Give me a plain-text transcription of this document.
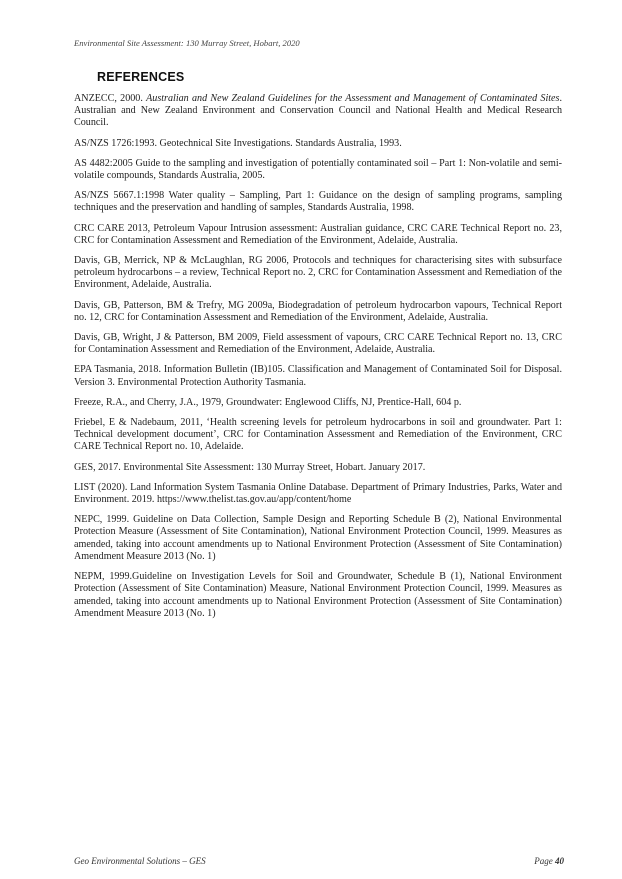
Environmental Site Assessment: 130 Murray Street, Hobart, 2020
REFERENCES

ANZECC, 2000. Australian and New Zealand Guidelines for the Assessment and Management of Contaminated Sites. Australian and New Zealand Environment and Conservation Council and National Health and Medical Research Council.

AS/NZS 1726:1993. Geotechnical Site Investigations. Standards Australia, 1993.

AS 4482:2005 Guide to the sampling and investigation of potentially contaminated soil – Part 1: Non-volatile and semi-volatile compounds, Standards Australia, 2005.

AS/NZS 5667.1:1998 Water quality – Sampling, Part 1: Guidance on the design of sampling programs, sampling techniques and the preservation and handling of samples, Standards Australia, 1998.

CRC CARE 2013, Petroleum Vapour Intrusion assessment: Australian guidance, CRC CARE Technical Report no. 23, CRC for Contamination Assessment and Remediation of the Environment, Adelaide, Australia.

Davis, GB, Merrick, NP & McLaughlan, RG 2006, Protocols and techniques for characterising sites with subsurface petroleum hydrocarbons – a review, Technical Report no. 2, CRC for Contamination Assessment and Remediation of the Environment, Adelaide, Australia.

Davis, GB, Patterson, BM & Trefry, MG 2009a, Biodegradation of petroleum hydrocarbon vapours, Technical Report no. 12, CRC for Contamination Assessment and Remediation of the Environment, Adelaide, Australia.

Davis, GB, Wright, J & Patterson, BM 2009, Field assessment of vapours, CRC CARE Technical Report no. 13, CRC for Contamination Assessment and Remediation of the Environment, Adelaide, Australia.

EPA Tasmania, 2018. Information Bulletin (IB)105. Classification and Management of Contaminated Soil for Disposal. Version 3. Environmental Protection Authority Tasmania.

Freeze, R.A., and Cherry, J.A., 1979, Groundwater: Englewood Cliffs, NJ, Prentice-Hall, 604 p.

Friebel, E & Nadebaum, 2011, ‘Health screening levels for petroleum hydrocarbons in soil and groundwater. Part 1: Technical development document’, CRC for Contamination Assessment and Remediation of the Environment, CRC CARE Technical Report no. 10, Adelaide.

GES, 2017. Environmental Site Assessment: 130 Murray Street, Hobart. January 2017.

LIST (2020). Land Information System Tasmania Online Database. Department of Primary Industries, Parks, Water and Environment. 2019. https://www.thelist.tas.gov.au/app/content/home

NEPC, 1999. Guideline on Data Collection, Sample Design and Reporting Schedule B (2), National Environmental Protection Measure (Assessment of Site Contamination), National Environment Protection Council, 1999. Measures as amended, taking into account amendments up to National Environment Protection (Assessment of Site Contamination) Amendment Measure 2013 (No. 1)

NEPM, 1999.Guideline on Investigation Levels for Soil and Groundwater, Schedule B (1), National Environment Protection (Assessment of Site Contamination) Measure, National Environment Protection Council, 1999. Measures as amended, taking into account amendments up to National Environment Protection (Assessment of Site Contamination) Amendment Measure 2013 (No. 1)

Geo Environmental Solutions – GES	Page 40
